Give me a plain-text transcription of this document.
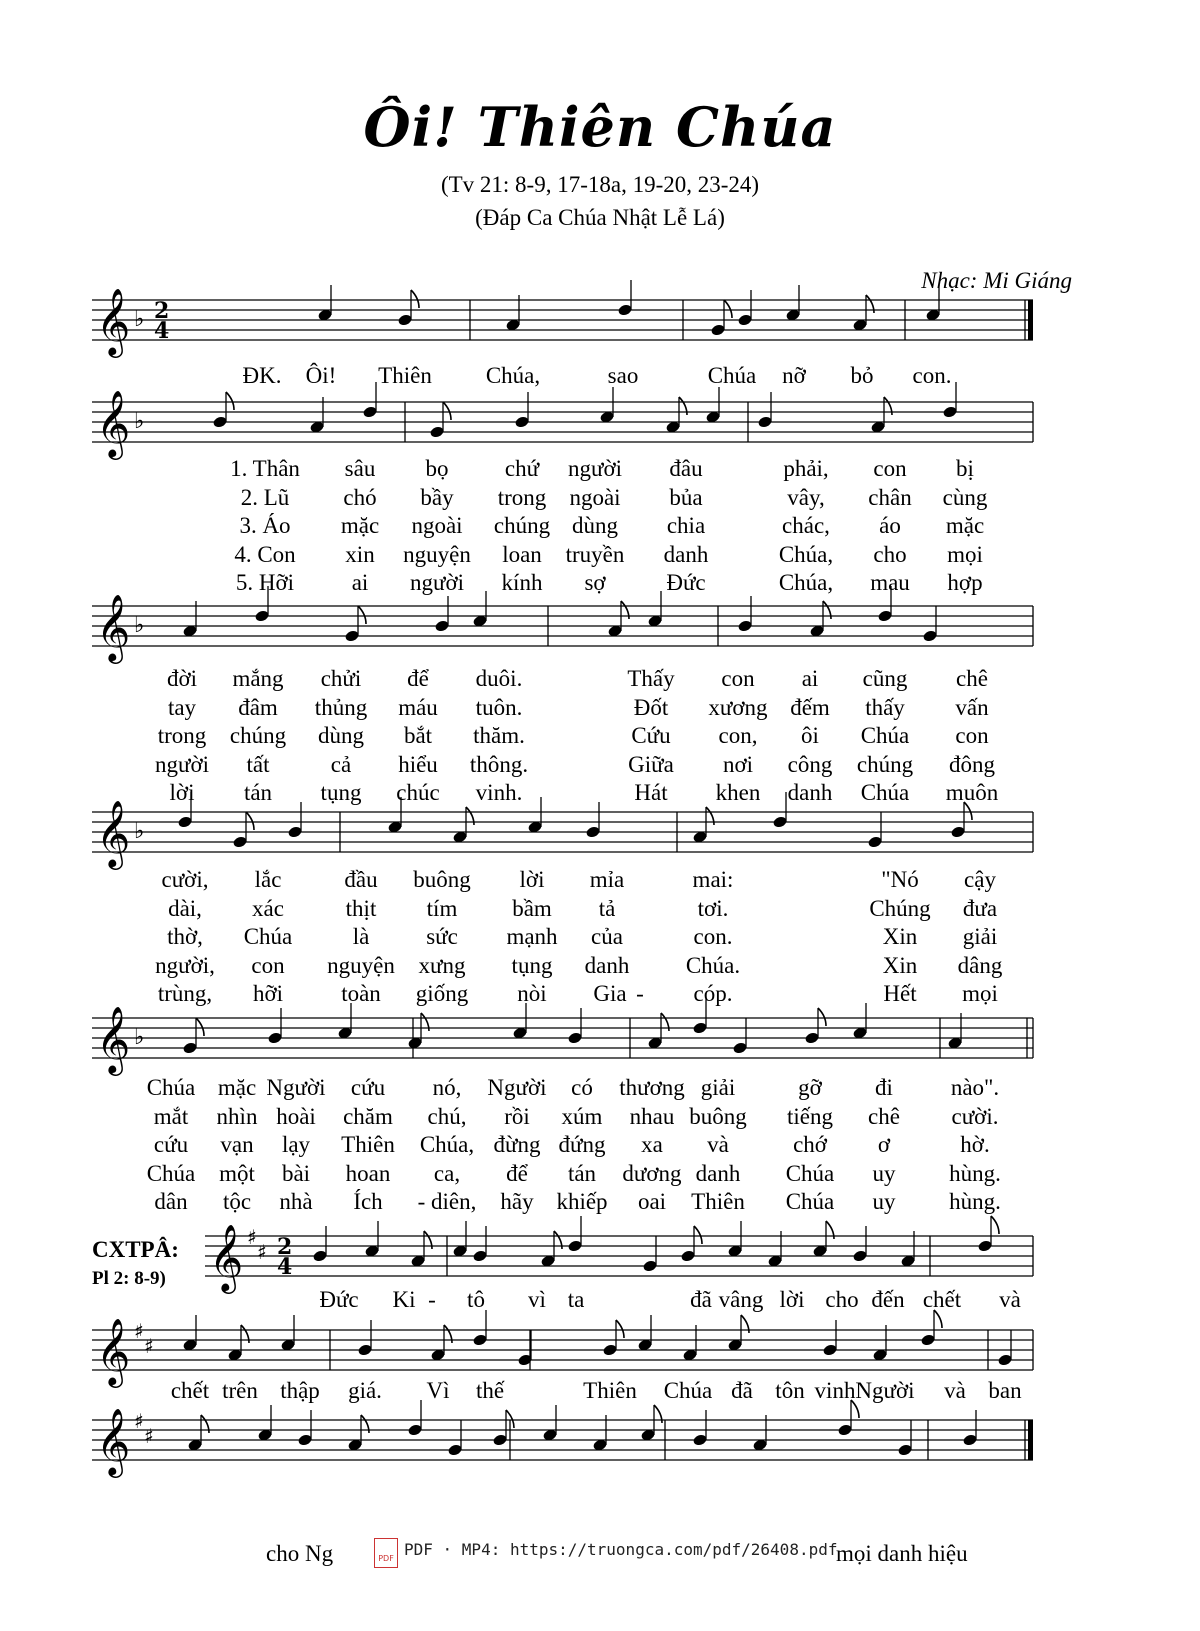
Ôi! Thiên Chúa
(Tv 21: 8-9, 17-18a, 19-20, 23-24)
(Đáp Ca Chúa Nhật Lễ Lá)
Nhạc: Mi Giáng
𝄞 ♭ 2
4
𝄞 ♭
𝄞 ♭
𝄞 ♭
𝄞 ♭
𝄞 ♯
♯ 2
4
𝄞 ♯
♯
𝄞 ♯
♯
ĐK. Ôi! Thiên Chúa,	sao	Chúa nỡ bỏ con.
1. Thân sâu bọ chứ người đâu	phải, con bị
2. Lũ chó bầy trong ngoài bủa	vây, chân cùng
3. Áo mặc ngoài chúng dùng chia	chác, áo mặc
4. Con xin nguyện loan truyền danh	Chúa, cho mọi
5. Hỡi	ai người kính sợ	Đức	Chúa, mau hợp
đời mắng chửi để duôi.	Thấy con ai cũng chê
tay đâm thủng máu tuôn.	Đốt xương đếm thấy vấn
trong chúng dùng bắt thăm.	Cứu con, ôi Chúa con
người tất	cả hiểu thông.	Giữa nơi công chúng đông
lời tán tụng chúc vinh.	Hát khen danh Chúa muôn
cười, lắc	đầu buông lời mỉa	mai:	"Nó cậy
dài, xác	thịt tím bầm tả	tơi.	Chúng đưa
thờ, Chúa	là sức mạnh của	con.	Xin giải
người, con nguyện xưng tụng danh Chúa.	Xin dâng
trùng, hỡi	toàn giống nòi Gia - cóp.	Hết mọi
Chúa mặc Người cứu nó, Người có thương giải	gỡ đi	nào".
mắt nhìn hoài chăm chú, rồi xúm nhau buông tiếng chê cười.
cứu vạn lạy Thiên Chúa, đừng đứng xa và	chớ ơ	hờ.
Chúa một bài hoan ca, để tán dương danh Chúa uy hùng.
dân tộc nhà Ích - diên, hãy khiếp oai Thiên Chúa uy hùng.
Đức Ki - tô vì ta	đã vâng lời cho đến chết và
chết trên thập giá. Vì thế	Thiên Chúa đã tôn vinh Người và ban
CXTPÂ:
Pl 2: 8-9)
cho Ng	mọi danh hiệu
PDF PDF · MP4: https://truongca.com/pdf/26408.pdf
